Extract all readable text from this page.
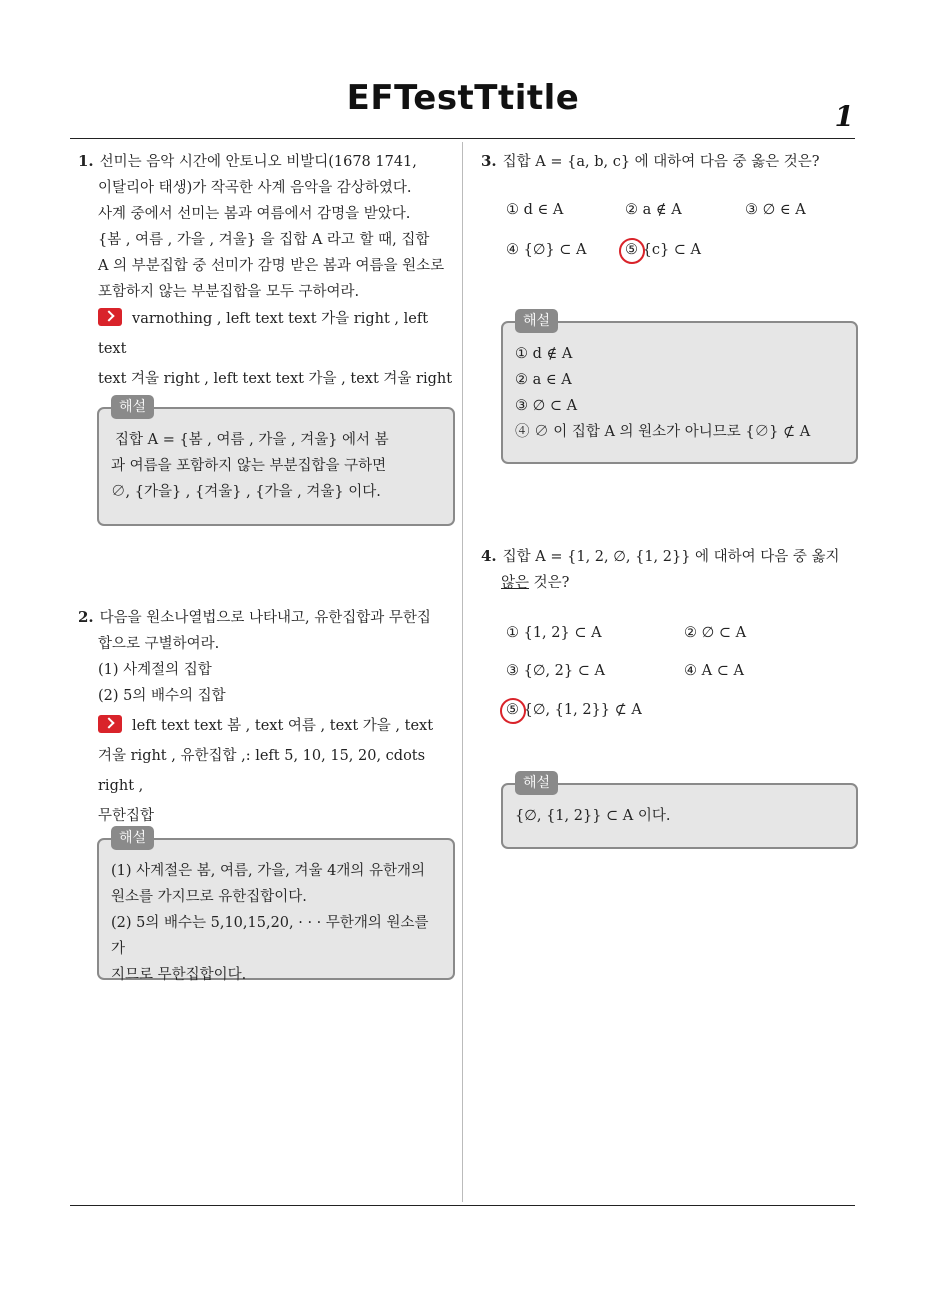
EFTestTtitle	1
1. 선미는 음악 시간에 안토니오 비발디(1678 1741,
이탈리아 태생)가 작곡한 사계 음악을 감상하였다.
사계 중에서 선미는 봄과 여름에서 감명을 받았다.
{봄 , 여름 , 가을 , 겨울} 을 집합 A 라고 할 때, 집합
A 의 부분집합 중 선미가 감명 받은 봄과 여름을 원소로
포함하지 않는 부분집합을 모두 구하여라.
varnothing , left text text 가을 right , left text
text 겨울 right , left text text 가을 , text 겨울 right
해설
집합 A = {봄 , 여름 , 가을 , 겨울} 에서 봄
과 여름을 포함하지 않는 부분집합을 구하면
∅, {가을} , {겨울} , {가을 , 겨울} 이다.
2. 다음을 원소나열법으로 나타내고, 유한집합과 무한집
합으로 구별하여라.
(1) 사계절의 집합
(2) 5의 배수의 집합
left text text 봄 , text 여름 , text 가을 , text
겨울 right , 유한집합 ,: left 5, 10, 15, 20, cdots right ,
무한집합
해설
(1) 사계절은 봄, 여름, 가을, 겨울 4개의 유한개의
원소를 가지므로 유한집합이다.
(2) 5의 배수는 5,10,15,20, · · · 무한개의 원소를 가
지므로 무한집합이다.
3. 집합 A = {a, b, c} 에 대하여 다음 중 옳은 것은?
① d ∈ A	② a ∉ A	③ ∅ ∈ A
④ {∅} ⊂ A	⑤ {c} ⊂ A
해설
① d ∉ A
② a ∈ A
③ ∅ ⊂ A
④ ∅ 이 집합 A 의 원소가 아니므로 {∅} ⊄ A
4. 집합 A = {1, 2, ∅, {1, 2}} 에 대하여 다음 중 옳지
않은 것은?
① {1, 2} ⊂ A	② ∅ ⊂ A
③ {∅, 2} ⊂ A	④ A ⊂ A
⑤ {∅, {1, 2}} ⊄ A
해설
{∅, {1, 2}} ⊂ A 이다.
